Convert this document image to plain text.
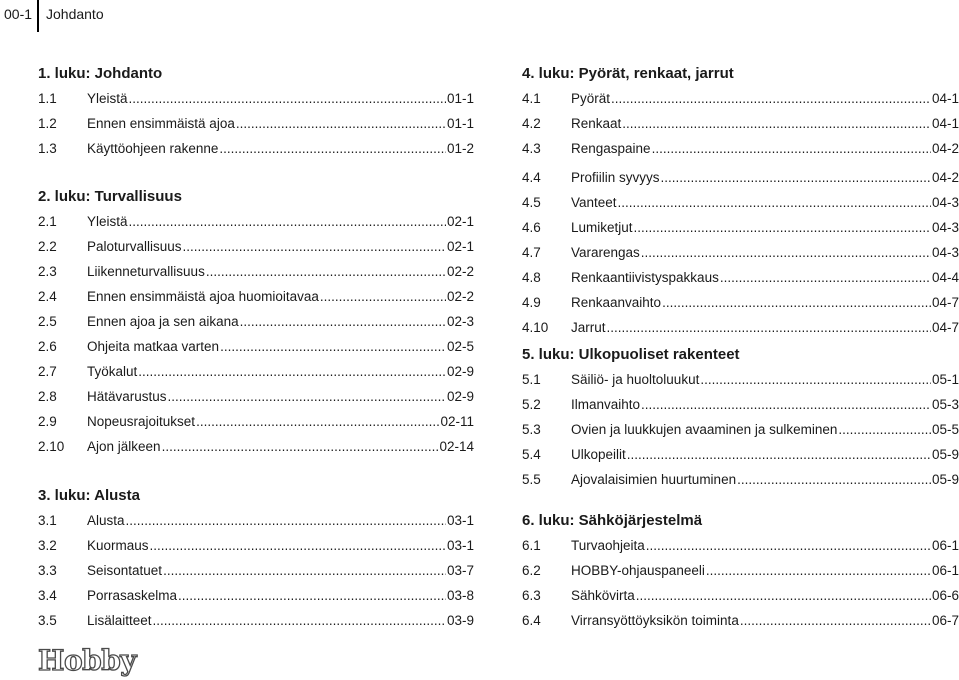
00-1 Johdanto
1. luku: Johdanto
1.1	Yleistä .....	01-1
1.2	Ennen ensimmäistä ajoa .....	01-1
1.3	Käyttöohjeen rakenne .....	01-2
2. luku: Turvallisuus
2.1	Yleistä .....	02-1
2.2	Paloturvallisuus .....	02-1
2.3	Liikenneturvallisuus .....	02-2
2.4	Ennen ensimmäistä ajoa huomioitavaa .....	02-2
2.5	Ennen ajoa ja sen aikana .....	02-3
2.6	Ohjeita matkaa varten .....	02-5
2.7	Työkalut .....	02-9
2.8	Hätävarustus .....	02-9
2.9	Nopeusrajoitukset .....	02-11
2.10	Ajon jälkeen .....	02-14
3. luku: Alusta
3.1	Alusta .....	03-1
3.2	Kuormaus .....	03-1
3.3	Seisontatuet .....	03-7
3.4	Porrasaskelma .....	03-8
3.5	Lisälaitteet .....	03-9
4. luku: Pyörät, renkaat, jarrut
4.1	Pyörät .....	04-1
4.2	Renkaat .....	04-1
4.3	Rengaspaine .....	04-2
4.4	Profiilin syvyys .....	04-2
4.5	Vanteet .....	04-3
4.6	Lumiketjut .....	04-3
4.7	Vararengas .....	04-3
4.8	Renkaantiivistyspakkaus .....	04-4
4.9	Renkaanvaihto .....	04-7
4.10	Jarrut .....	04-7
5. luku: Ulkopuoliset rakenteet
5.1	Säiliö- ja huoltoluukut .....	05-1
5.2	Ilmanvaihto .....	05-3
5.3	Ovien ja luukkujen avaaminen ja sulkeminen .....	05-5
5.4	Ulkopeilit .....	05-9
5.5	Ajovalaisimien huurtuminen .....	05-9
6. luku: Sähköjärjestelmä
6.1	Turvaohjeita .....	06-1
6.2	HOBBY-ohjauspaneeli .....	06-1
6.3	Sähkövirta .....	06-6
6.4	Virransyöttöyksikön toiminta .....	06-7
Hobby
